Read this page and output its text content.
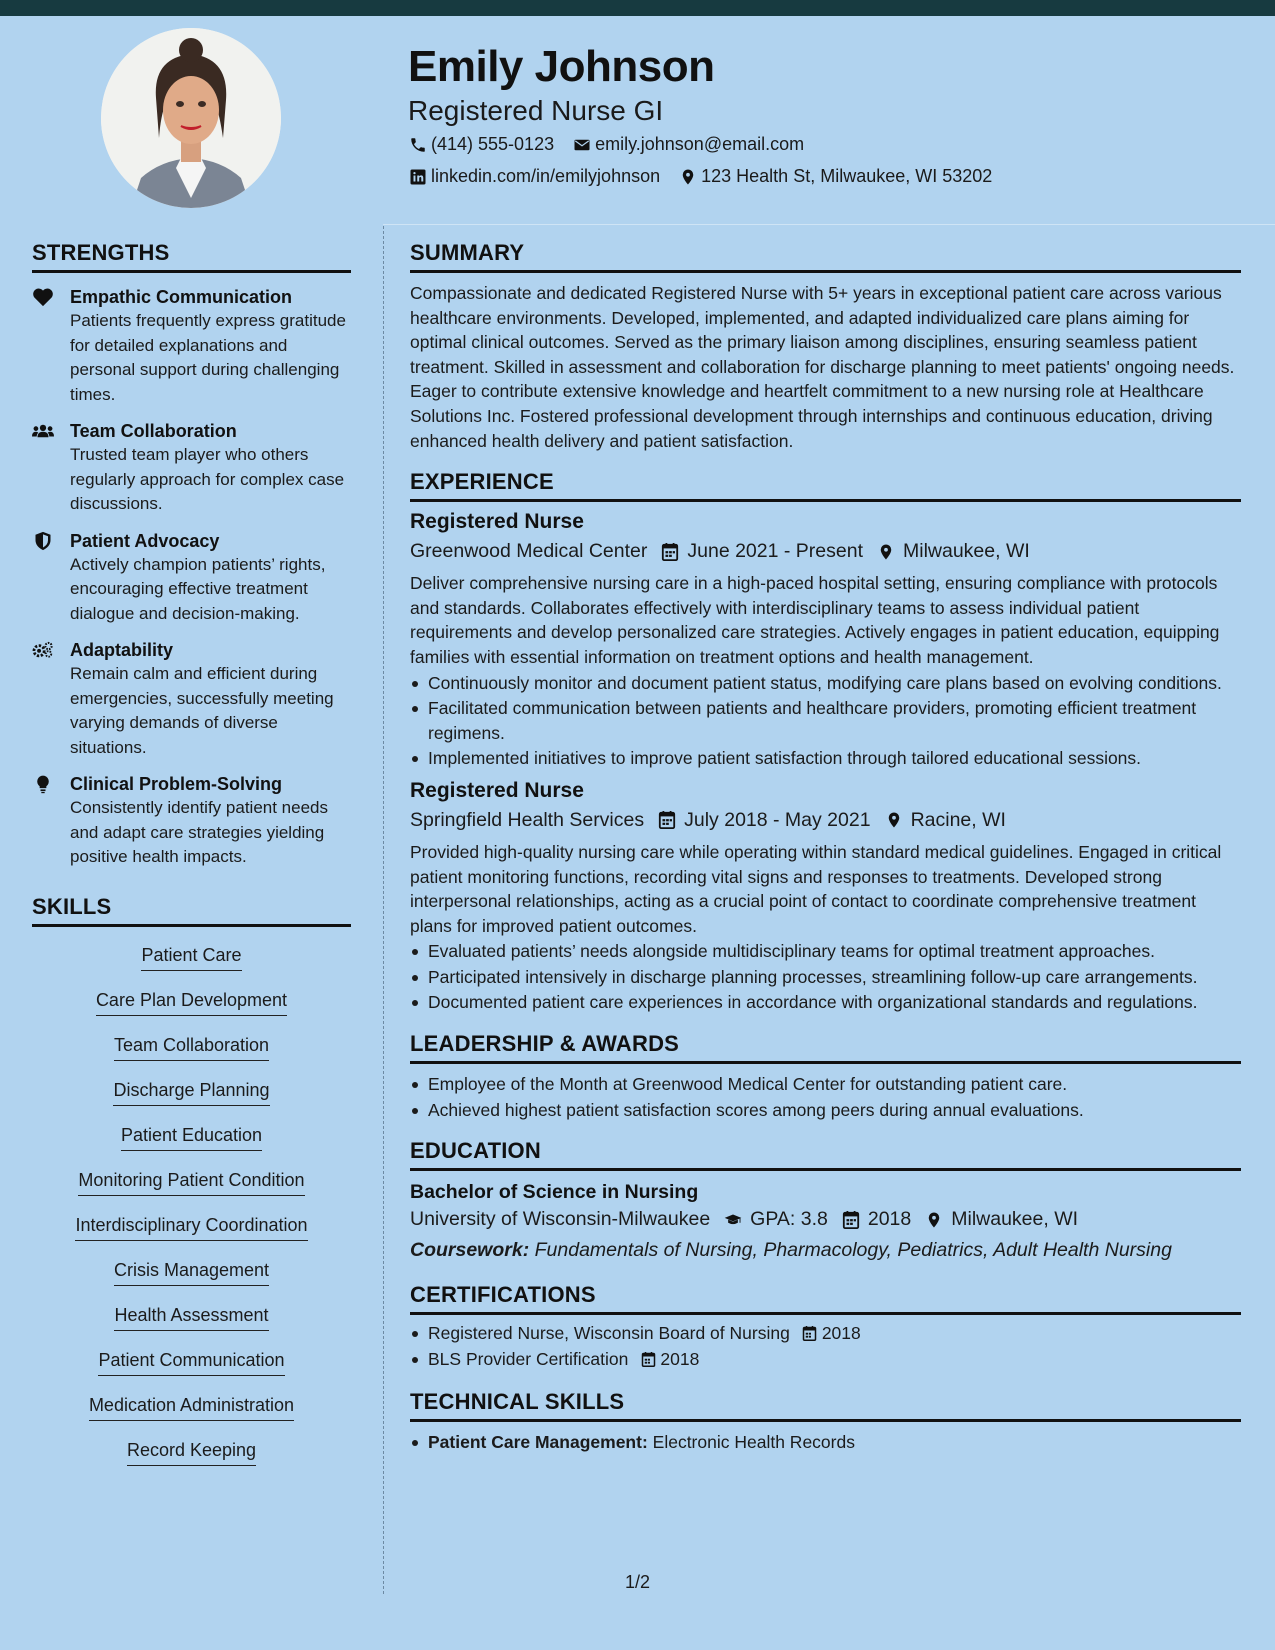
Emily Johnson
Registered Nurse GI
(414) 555-0123 emily.johnson@email.com
linkedin.com/in/emilyjohnson 123 Health St, Milwaukee, WI 53202
STRENGTHS
Empathic Communication
Patients frequently express gratitude for detailed explanations and personal support during challenging times.
Team Collaboration
Trusted team player who others regularly approach for complex case discussions.
Patient Advocacy
Actively champion patients’ rights, encouraging effective treatment dialogue and decision-making.
Adaptability
Remain calm and efficient during emergencies, successfully meeting varying demands of diverse situations.
Clinical Problem-Solving
Consistently identify patient needs and adapt care strategies yielding positive health impacts.
SKILLS
Patient Care
Care Plan Development
Team Collaboration
Discharge Planning
Patient Education
Monitoring Patient Condition
Interdisciplinary Coordination
Crisis Management
Health Assessment
Patient Communication
Medication Administration
Record Keeping
SUMMARY
Compassionate and dedicated Registered Nurse with 5+ years in exceptional patient care across various healthcare environments. Developed, implemented, and adapted individualized care plans aiming for optimal clinical outcomes. Served as the primary liaison among disciplines, ensuring seamless patient treatment. Skilled in assessment and collaboration for discharge planning to meet patients' ongoing needs. Eager to contribute extensive knowledge and heartfelt commitment to a new nursing role at Healthcare Solutions Inc. Fostered professional development through internships and continuous education, driving enhanced health delivery and patient satisfaction.
EXPERIENCE
Registered Nurse
Greenwood Medical Center June 2021 - Present Milwaukee, WI
Deliver comprehensive nursing care in a high-paced hospital setting, ensuring compliance with protocols and standards. Collaborates effectively with interdisciplinary teams to assess individual patient requirements and develop personalized care strategies. Actively engages in patient education, equipping families with essential information on treatment options and health management.
Continuously monitor and document patient status, modifying care plans based on evolving conditions.
Facilitated communication between patients and healthcare providers, promoting efficient treatment regimens.
Implemented initiatives to improve patient satisfaction through tailored educational sessions.
Registered Nurse
Springfield Health Services July 2018 - May 2021 Racine, WI
Provided high-quality nursing care while operating within standard medical guidelines. Engaged in critical patient monitoring functions, recording vital signs and responses to treatments. Developed strong interpersonal relationships, acting as a crucial point of contact to coordinate comprehensive treatment plans for improved patient outcomes.
Evaluated patients’ needs alongside multidisciplinary teams for optimal treatment approaches.
Participated intensively in discharge planning processes, streamlining follow-up care arrangements.
Documented patient care experiences in accordance with organizational standards and regulations.
LEADERSHIP & AWARDS
Employee of the Month at Greenwood Medical Center for outstanding patient care.
Achieved highest patient satisfaction scores among peers during annual evaluations.
EDUCATION
Bachelor of Science in Nursing
University of Wisconsin-Milwaukee GPA: 3.8 2018 Milwaukee, WI
Coursework: Fundamentals of Nursing, Pharmacology, Pediatrics, Adult Health Nursing
CERTIFICATIONS
Registered Nurse, Wisconsin Board of Nursing 2018
BLS Provider Certification 2018
TECHNICAL SKILLS
Patient Care Management: Electronic Health Records
1/2
